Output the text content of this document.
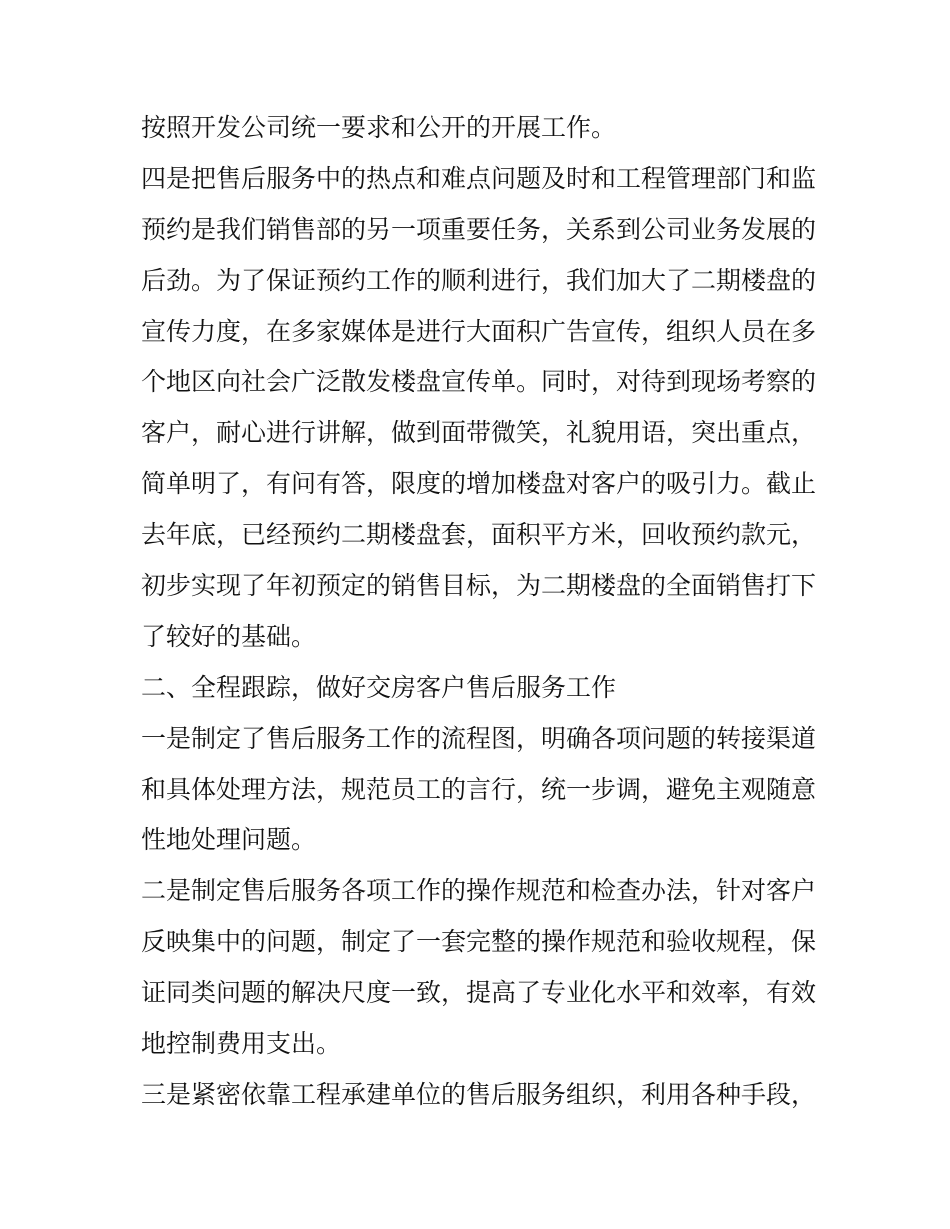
按照开发公司统一要求和公开的开展工作。
四是把售后服务中的热点和难点问题及时和工程管理部门和监
预约是我们销售部的另一项重要任务，关系到公司业务发展的
后劲。为了保证预约工作的顺利进行，我们加大了二期楼盘的
宣传力度，在多家媒体是进行大面积广告宣传，组织人员在多
个地区向社会广泛散发楼盘宣传单。同时，对待到现场考察的
客户，耐心进行讲解，做到面带微笑，礼貌用语，突出重点，
简单明了，有问有答，限度的增加楼盘对客户的吸引力。截止
去年底，已经预约二期楼盘套，面积平方米，回收预约款元，
初步实现了年初预定的销售目标，为二期楼盘的全面销售打下
了较好的基础。
二、全程跟踪，做好交房客户售后服务工作
一是制定了售后服务工作的流程图，明确各项问题的转接渠道
和具体处理方法，规范员工的言行，统一步调，避免主观随意
性地处理问题。
二是制定售后服务各项工作的操作规范和检查办法，针对客户
反映集中的问题，制定了一套完整的操作规范和验收规程，保
证同类问题的解决尺度一致，提高了专业化水平和效率，有效
地控制费用支出。
三是紧密依靠工程承建单位的售后服务组织，利用各种手段，
